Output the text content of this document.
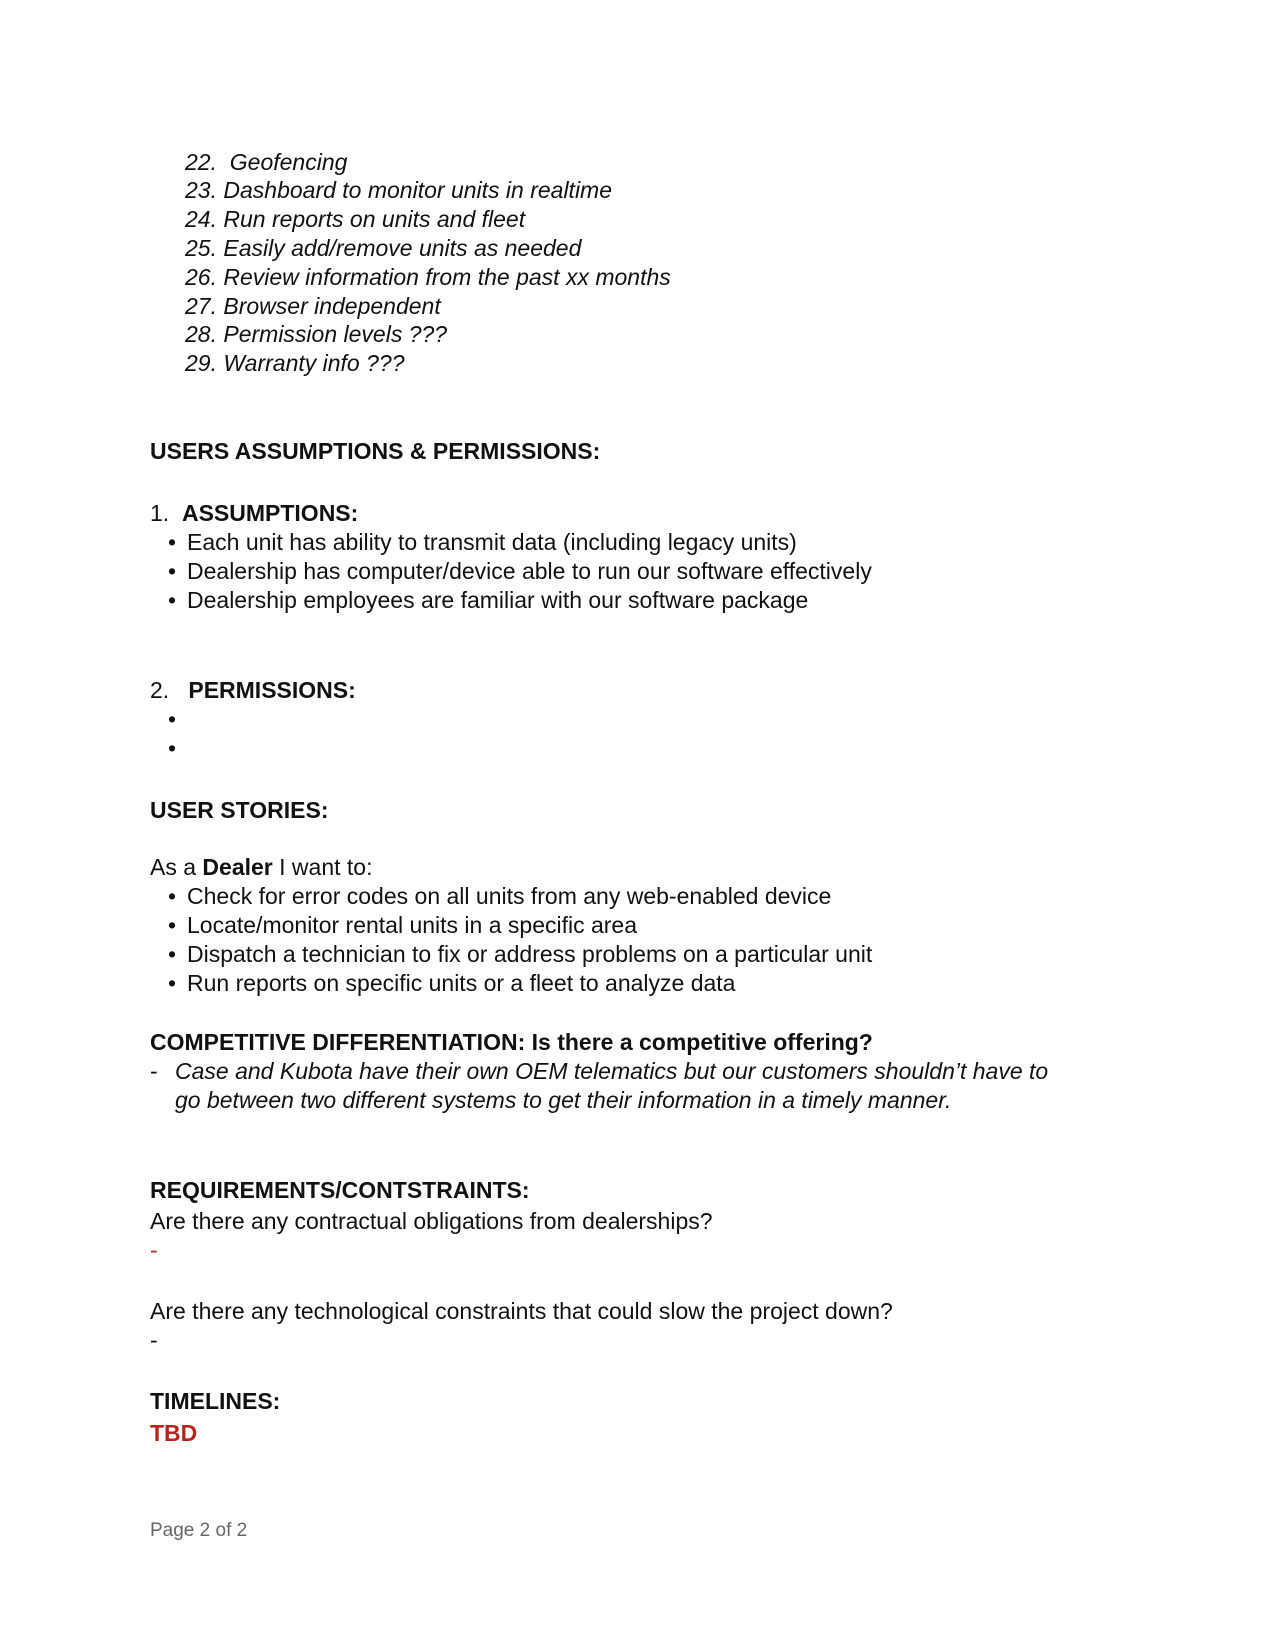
22. Geofencing
23. Dashboard to monitor units in realtime
24. Run reports on units and fleet
25. Easily add/remove units as needed
26. Review information from the past xx months
27. Browser independent
28. Permission levels ???
29. Warranty info ???
USERS ASSUMPTIONS & PERMISSIONS:
1. ASSUMPTIONS:
• Each unit has ability to transmit data (including legacy units)
• Dealership has computer/device able to run our software effectively
• Dealership employees are familiar with our software package
2. PERMISSIONS:
•
•
USER STORIES:
As a Dealer I want to:
• Check for error codes on all units from any web-enabled device
• Locate/monitor rental units in a specific area
• Dispatch a technician to fix or address problems on a particular unit
• Run reports on specific units or a fleet to analyze data
COMPETITIVE DIFFERENTIATION: Is there a competitive offering?
- Case and Kubota have their own OEM telematics but our customers shouldn’t have to
go between two different systems to get their information in a timely manner.
REQUIREMENTS/CONTSTRAINTS:
Are there any contractual obligations from dealerships?
-
Are there any technological constraints that could slow the project down?
-
TIMELINES:
TBD
Page 2 of 2
